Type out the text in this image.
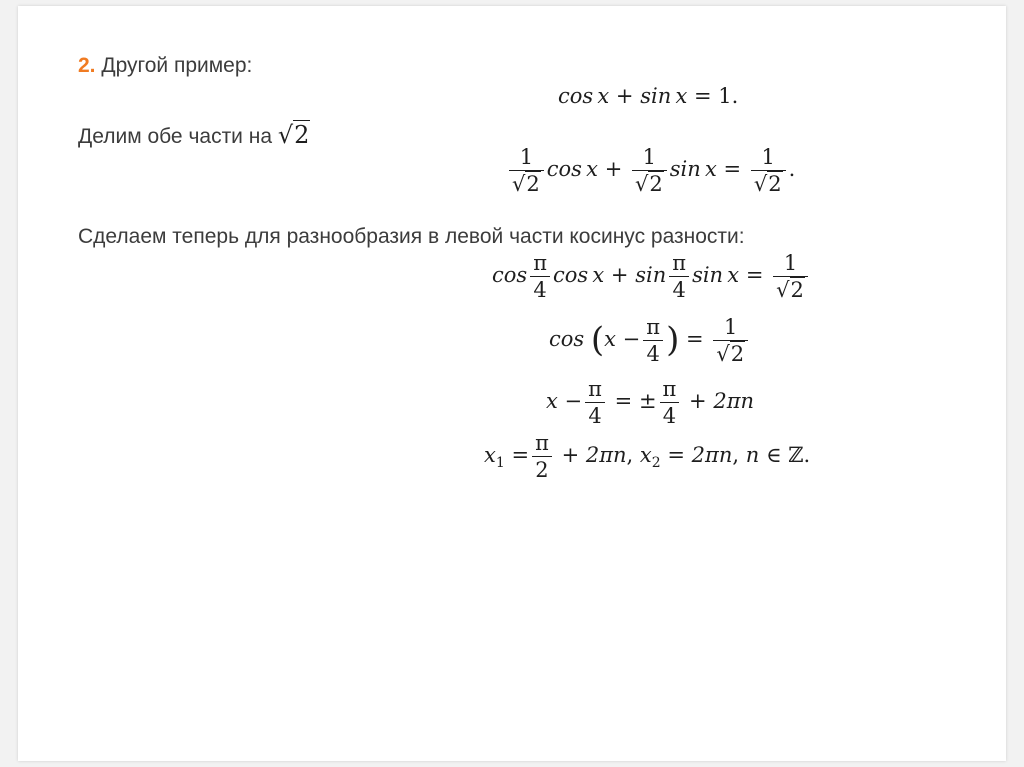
2. Другой пример:
cos  x + sin  x = 1.
Делим обе части на √2
$\frac{1}{√2}$ $\cos x + \frac{1}{√2}$ $\sin x = \frac{1}{√2}$ .
Сделаем теперь для разнообразия в левой части косинус разности:
$\cos \frac{\pi}{4}$ $\cos x + \sin \frac{\pi}{4}$ $\sin x = \frac{1}{√2}$
$\cos (x - \frac{\pi}{4}$ ) = $\frac{1}{√2}$
$x - \frac{\pi}{4}$ = ± $\frac{\pi}{4} + 2\pi n$
$x_1 = \frac{\pi}{2} + 2\pi n$, $x_2 = 2\pi n$, n ∈ ℤ.
